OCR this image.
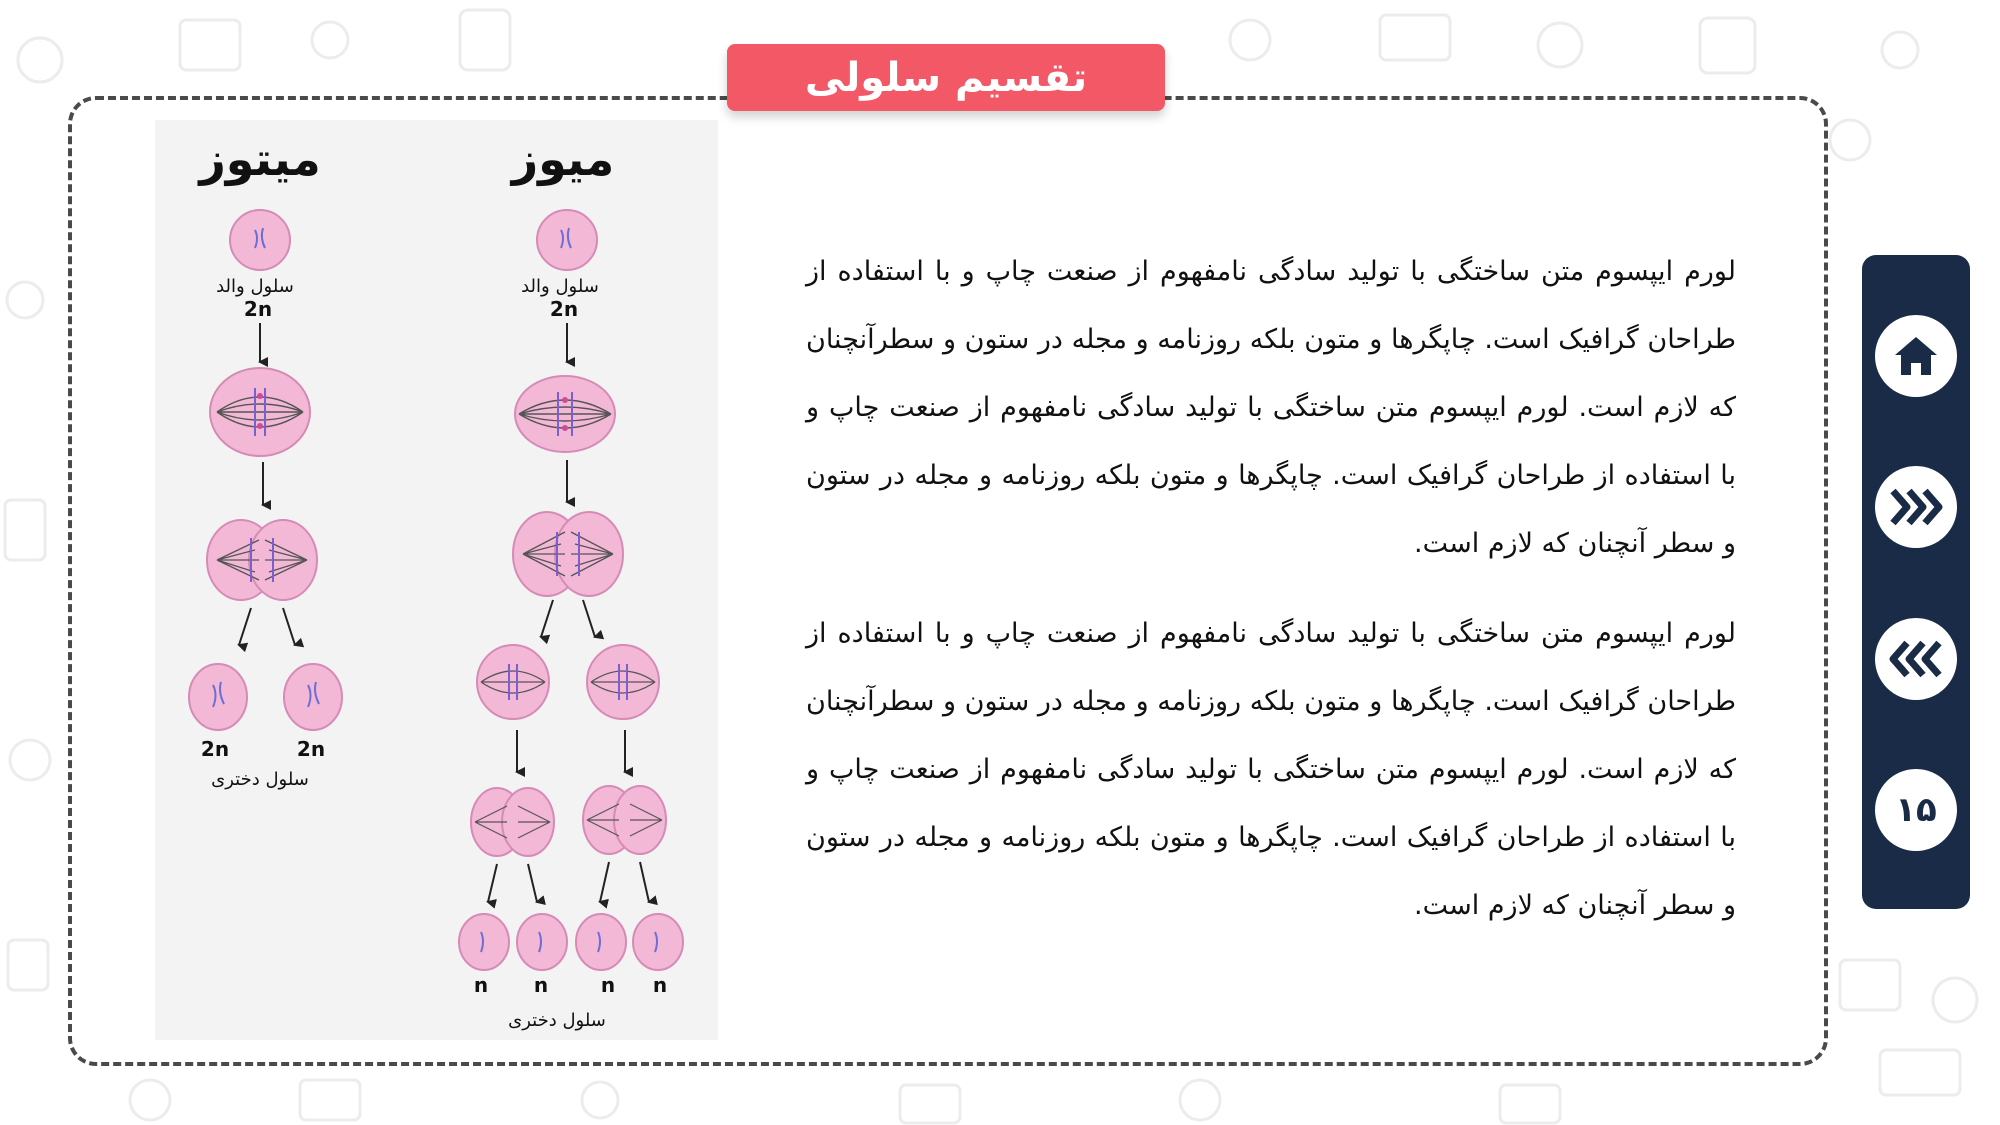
تقسیم سلولی
میوز
میتوز
سلول والد
2n
2n	2n
سلول دختری
سلول والد
2n
n n	n n
سلول دختری

لورم ایپسوم متن ساختگی با تولید سادگی نامفهوم از صنعت چاپ و با استفاده از طراحان گرافیک است. چاپگرها و متون بلکه روزنامه و مجله در ستون و سطرآنچنان که لازم است. لورم ایپسوم متن ساختگی با تولید سادگی نامفهوم از صنعت چاپ و با استفاده از طراحان گرافیک است. چاپگرها و متون بلکه روزنامه و مجله در ستون و سطر آنچنان که لازم است.

لورم ایپسوم متن ساختگی با تولید سادگی نامفهوم از صنعت چاپ و با استفاده از طراحان گرافیک است. چاپگرها و متون بلکه روزنامه و مجله در ستون و سطرآنچنان که لازم است. لورم ایپسوم متن ساختگی با تولید سادگی نامفهوم از صنعت چاپ و با استفاده از طراحان گرافیک است. چاپگرها و متون بلکه روزنامه و مجله در ستون و سطر آنچنان که لازم است.

۱۵
